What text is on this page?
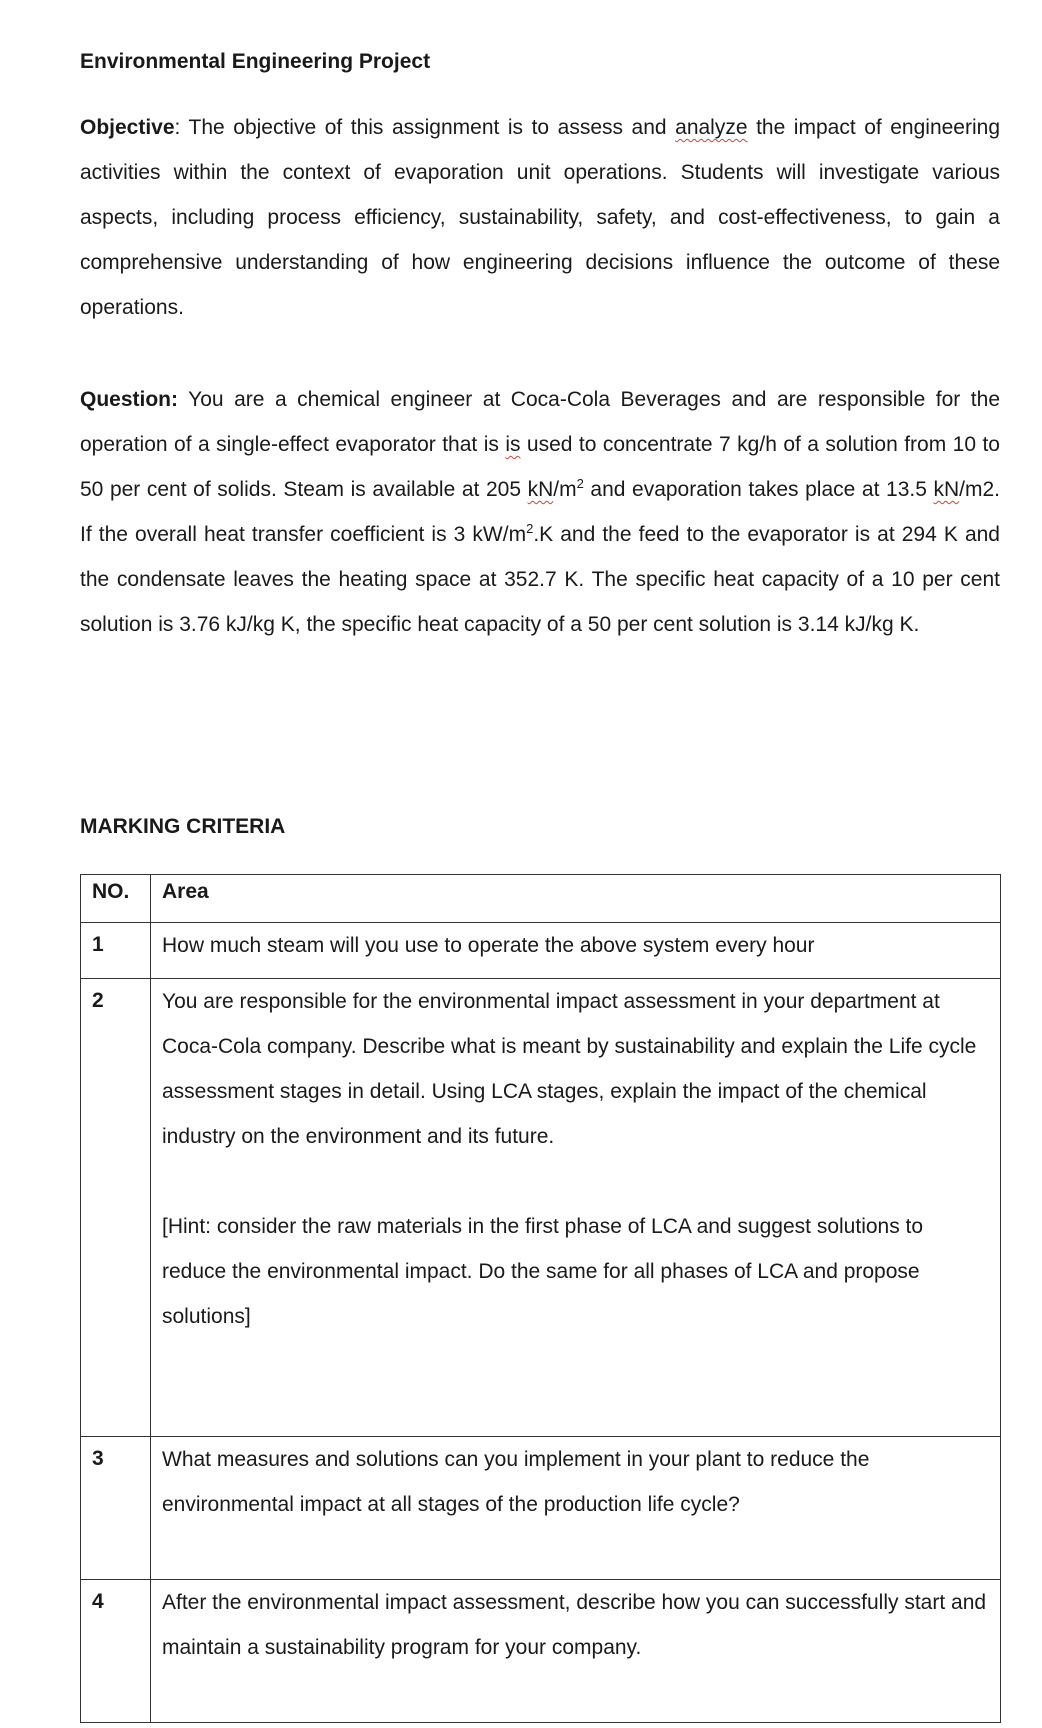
Environmental Engineering Project

Objective: The objective of this assignment is to assess and analyze the impact of engineering activities within the context of evaporation unit operations. Students will investigate various aspects, including process efficiency, sustainability, safety, and cost-effectiveness, to gain a comprehensive understanding of how engineering decisions influence the outcome of these operations.

Question: You are a chemical engineer at Coca-Cola Beverages and are responsible for the operation of a single-effect evaporator that is is used to concentrate 7 kg/h of a solution from 10 to 50 per cent of solids. Steam is available at 205 $kN/m^2$ and evaporation takes place at 13.5 kN/m2. If the overall heat transfer coefficient is 3 $kW/m^2.K$ and the feed to the evaporator is at 294 K and the condensate leaves the heating space at 352.7 K. The specific heat capacity of a 10 per cent solution is 3.76 kJ/kg K, the specific heat capacity of a 50 per cent solution is 3.14 kJ/kg K.

MARKING CRITERIA
NO.	Area
1	How much steam will you use to operate the above system every hour
2	You are responsible for the environmental impact assessment in your department at Coca-Cola company. Describe what is meant by sustainability and explain the Life cycle assessment stages in detail. Using LCA stages, explain the impact of the chemical industry on the environment and its future.
[Hint: consider the raw materials in the first phase of LCA and suggest solutions to reduce the environmental impact. Do the same for all phases of LCA and propose solutions]

3	What measures and solutions can you implement in your plant to reduce the environmental impact at all stages of the production life cycle?
4	After the environmental impact assessment, describe how you can successfully start and maintain a sustainability program for your company.
